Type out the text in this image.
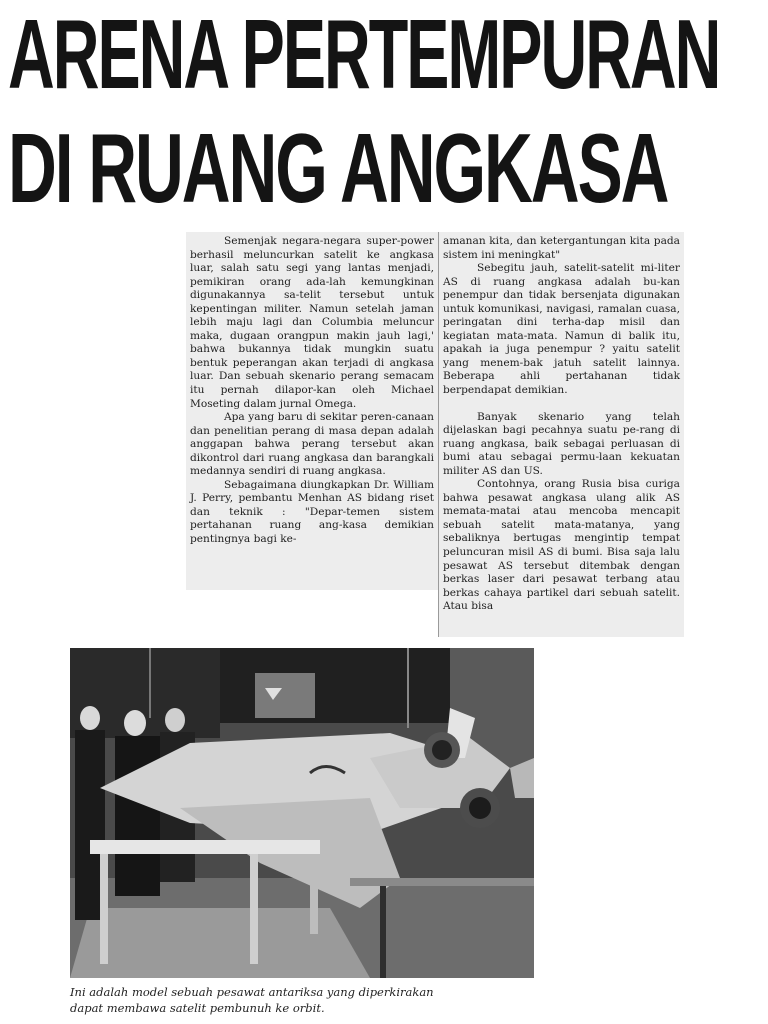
ARENA PERTEMPURAN
DI RUANG ANGKASA

Semenjak negara-negara super-power berhasil meluncurkan satelit ke angkasa luar, salah satu segi yang lantas menjadi, pemikiran orang ada-lah kemungkinan digunakannya sa-telit tersebut untuk kepentingan militer. Namun setelah jaman lebih maju lagi dan Columbia meluncur maka, dugaan orangpun makin jauh lagi,' bahwa bukannya tidak mungkin suatu bentuk peperangan akan terjadi di angkasa luar. Dan sebuah skenario perang semacam itu pernah dilapor-kan oleh Michael Moseting dalam jurnal Omega.

Apa yang baru di sekitar peren-canaan dan penelitian perang di masa depan adalah anggapan bahwa perang tersebut akan dikontrol dari ruang angkasa dan barangkali medannya sendiri di ruang angkasa.

Sebagaimana diungkapkan Dr. William J. Perry, pembantu Menhan AS bidang riset dan teknik : "Depar-temen sistem pertahanan ruang ang-kasa demikian pentingnya bagi ke-

amanan kita, dan ketergantungan kita pada sistem ini meningkat"

Sebegitu jauh, satelit-satelit mi-liter AS di ruang angkasa adalah bu-kan penempur dan tidak bersenjata digunakan untuk komunikasi, navigasi, ramalan cuasa, peringatan dini terha-dap misil dan kegiatan mata-mata. Namun di balik itu, apakah ia juga penempur ? yaitu satelit yang menem-bak jatuh satelit lainnya. Beberapa ahli pertahanan tidak berpendapat demikian.

Banyak skenario yang telah dijelaskan bagi pecahnya suatu pe-rang di ruang angkasa, baik sebagai perluasan di bumi atau sebagai permu-laan kekuatan militer AS dan US.

Contohnya, orang Rusia bisa curiga bahwa pesawat angkasa ulang alik AS memata-matai atau mencoba mencapit sebuah satelit mata-matanya, yang sebaliknya bertugas mengintip tempat peluncuran misil AS di bumi. Bisa saja lalu pesawat AS tersebut ditembak dengan berkas laser dari pesawat terbang atau berkas cahaya partikel dari sebuah satelit. Atau bisa

Ini adalah model sebuah pesawat antariksa yang diperkirakan

dapat membawa satelit pembunuh ke orbit.
